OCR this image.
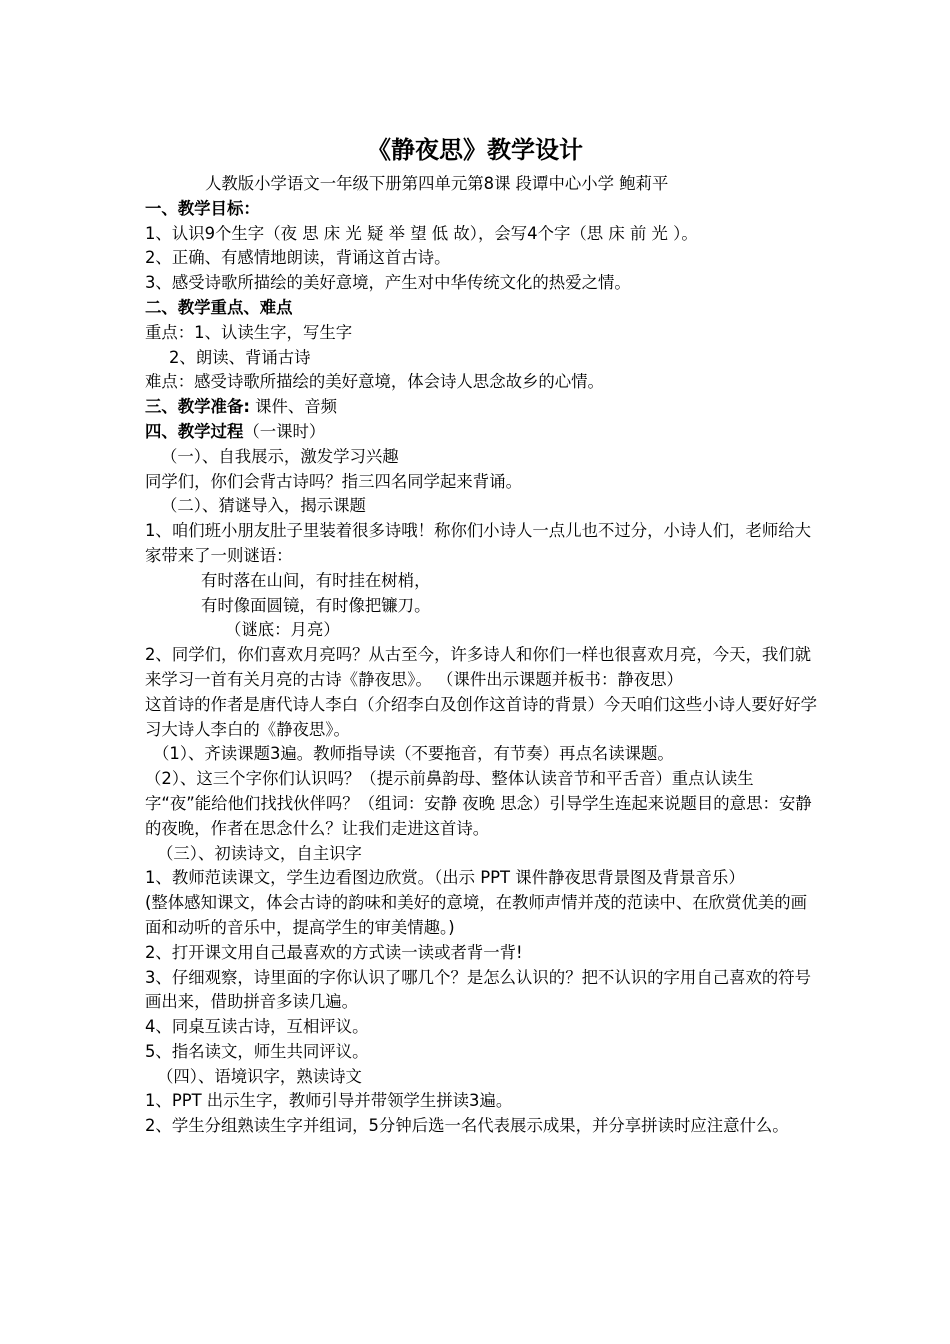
《静夜思》教学设计
人教版小学语文一年级下册第四单元第8课 段谭中心小学 鲍莉平
一、教学目标：
1、认识9个生字（夜 思 床 光 疑 举 望 低 故），会写4个字（思 床 前 光 ）。
2、正确、有感情地朗读，背诵这首古诗。
3、感受诗歌所描绘的美好意境，产生对中华传统文化的热爱之情。
二、教学重点、难点
重点：1、认读生字，写生字
2、朗读、背诵古诗
难点：感受诗歌所描绘的美好意境，体会诗人思念故乡的心情。
三、教学准备: 课件、音频
四、教学过程（一课时）
（一）、自我展示，激发学习兴趣
同学们，你们会背古诗吗？指三四名同学起来背诵。
（二）、猜谜导入，揭示课题
1、咱们班小朋友肚子里装着很多诗哦！称你们小诗人一点儿也不过分，小诗人们，老师给大家带来了一则谜语：
有时落在山间，有时挂在树梢，
有时像面圆镜，有时像把镰刀。
（谜底：月亮）
2、同学们，你们喜欢月亮吗？从古至今，许多诗人和你们一样也很喜欢月亮，今天，我们就来学习一首有关月亮的古诗《静夜思》。 （课件出示课题并板书：静夜思）
这首诗的作者是唐代诗人李白（介绍李白及创作这首诗的背景）今天咱们这些小诗人要好好学习大诗人李白的《静夜思》。
（1）、齐读课题3遍。教师指导读（不要拖音，有节奏）再点名读课题。
（2）、这三个字你们认识吗？（提示前鼻韵母、整体认读音节和平舌音）重点认读生字“夜”能给他们找找伙伴吗？（组词：安静 夜晚 思念）引导学生连起来说题目的意思：安静的夜晚，作者在思念什么？让我们走进这首诗。
（三）、初读诗文，自主识字
1、教师范读课文，学生边看图边欣赏。（出示 PPT 课件静夜思背景图及背景音乐）
(整体感知课文，体会古诗的韵味和美好的意境，在教师声情并茂的范读中、在欣赏优美的画面和动听的音乐中，提高学生的审美情趣。)
2、打开课文用自己最喜欢的方式读一读或者背一背!
3、仔细观察，诗里面的字你认识了哪几个？是怎么认识的？把不认识的字用自己喜欢的符号画出来，借助拼音多读几遍。
4、同桌互读古诗，互相评议。
5、指名读文，师生共同评议。
（四）、语境识字，熟读诗文
1、PPT 出示生字，教师引导并带领学生拼读3遍。
2、学生分组熟读生字并组词，5分钟后选一名代表展示成果，并分享拼读时应注意什么。
